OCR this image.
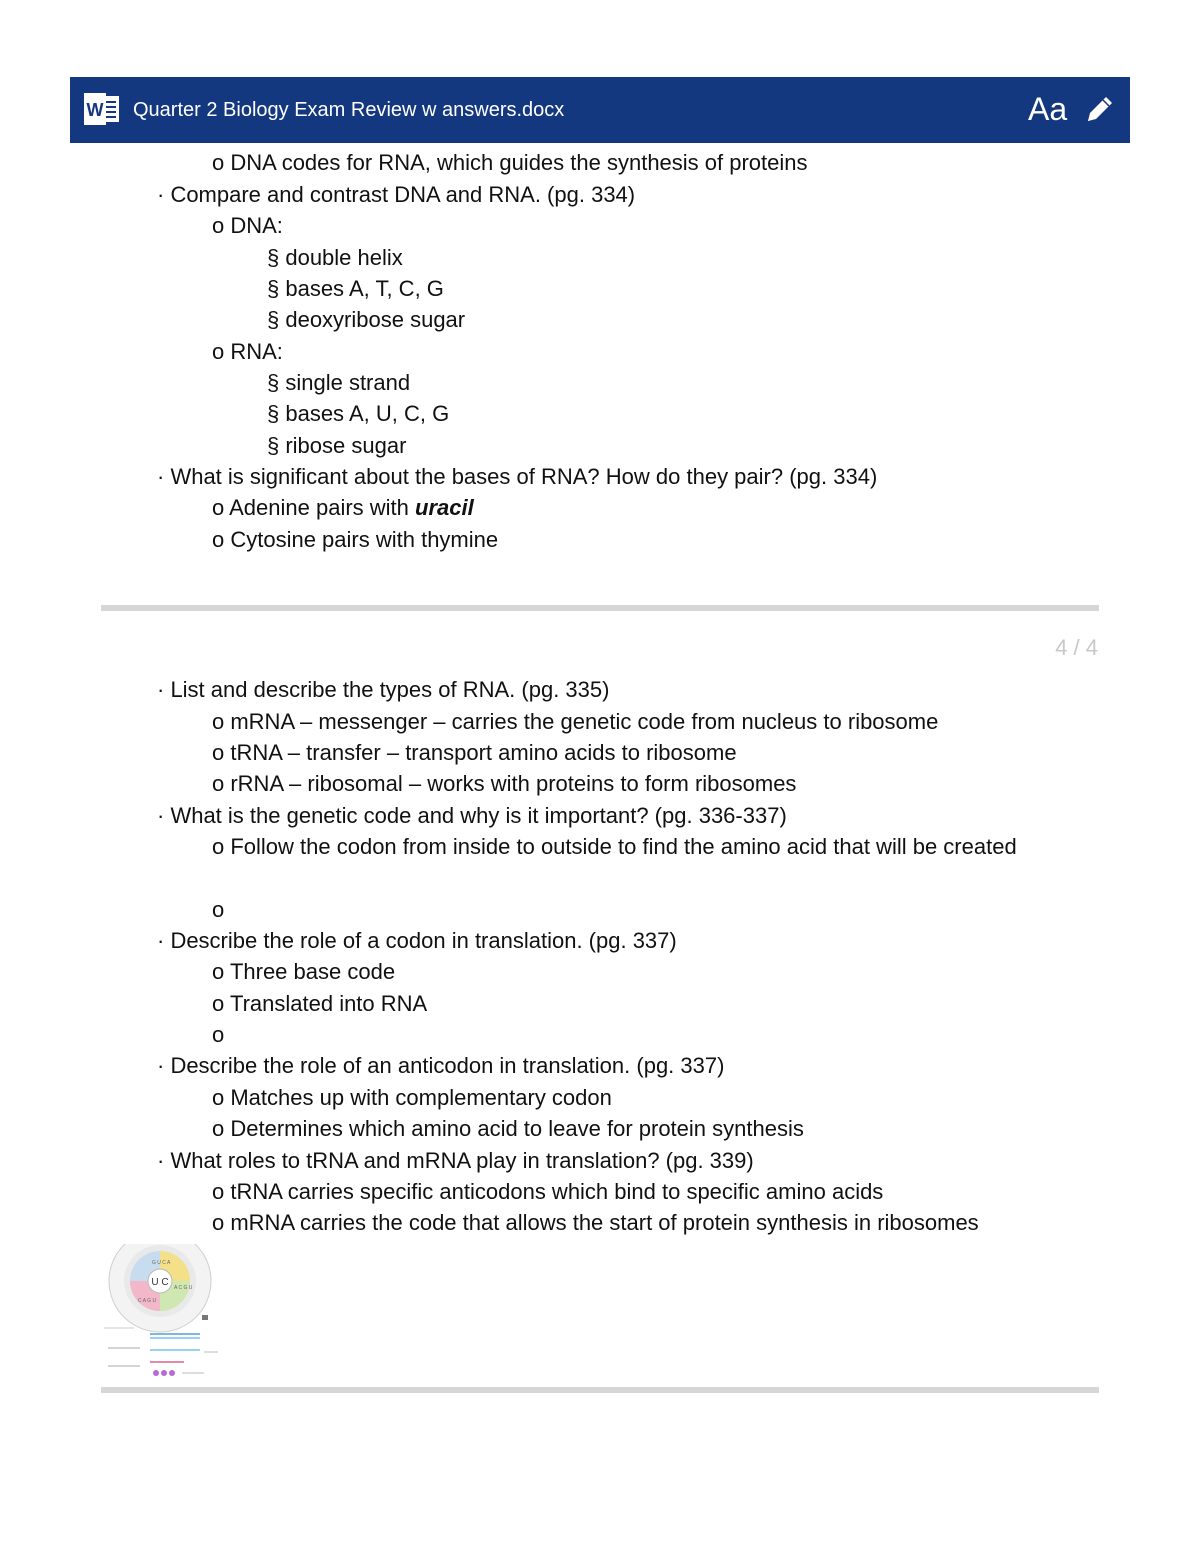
W Quarter 2 Biology Exam Review w answers.docx	Aa
o DNA codes for RNA, which guides the synthesis of proteins
· Compare and contrast DNA and RNA. (pg. 334)
o DNA:
§ double helix
§ bases A, T, C, G
§ deoxyribose sugar
o RNA:
§ single strand
§ bases A, U, C, G
§ ribose sugar
· What is significant about the bases of RNA? How do they pair? (pg. 334)
o Adenine pairs with uracil
o Cytosine pairs with thymine
4 / 4
· List and describe the types of RNA. (pg. 335)
o mRNA – messenger – carries the genetic code from nucleus to ribosome
o tRNA – transfer – transport amino acids to ribosome
o rRNA – ribosomal – works with proteins to form ribosomes
· What is the genetic code and why is it important? (pg. 336-337)
o Follow the codon from inside to outside to find the amino acid that will be created
o
· Describe the role of a codon in translation. (pg. 337)
o Three base code
o Translated into RNA
o
· Describe the role of an anticodon in translation. (pg. 337)
o Matches up with complementary codon
o Determines which amino acid to leave for protein synthesis
· What roles to tRNA and mRNA play in translation? (pg. 339)
o tRNA carries specific anticodons which bind to specific amino acids
o mRNA carries the code that allows the start of protein synthesis in ribosomes
U C
G U C A
A C G U
C A G U
